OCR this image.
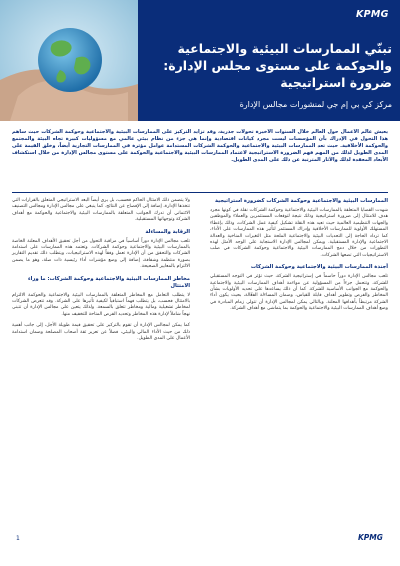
KPMG
تبنّي الممارسات البيئية والاجتماعية
والحوكمة على مستوى مجلس الإدارة:
ضرورة استراتيجية
مركز كي بي إم جي لمنشورات مجالس الإدارة
يعيش عالم الأعمال حول العالم خلال السنوات الأخيرة تحولات جذرية، وقد تزايد التركيز على الممارسات البيئية والاجتماعية وحوكمة الشركات حيث ساهم هذا التحول في الإدراك بأن المؤسسات ليست مجرد كيانات اقتصادية وإنما هي جزء من نظام بيئي عالمي مع مسؤوليات كبيرة تجاه البيئة والمجتمع والحوكمة الأخلاقية. حيث تعد الممارسات البيئية والاجتماعية والحوكمة الشركات المستدامة عوامل مؤثرة في الممارسات التجارية أيضاً، وخلق القيمة على المدى الطويل لذلك من المهم فهم الضرورة الاستراتيجية لاعتماد الممارسات البيئية والاجتماعية والحوكمة على مستوى مجالس الإدارة من خلال استكشاف الأبعاد المعقدة لذلك والآثار المترتبة عن ذلك على المدى الطويل.
الممارسات البيئية والاجتماعية وحوكمة الشركات كضرورة استراتيجية
شهدت القضايا المتعلقة بالممارسات البيئية والاجتماعية وحوكمة الشركات نقلة في كونها مجرد هدف للامتثال إلى ضرورة استراتيجية وذلك نتيجة لتوقعات المستثمرين والعملاء والموظفين والجهات التنظيمية العالمية حيث تعيد هذه النقلة تشكيل كيفية عمل الشركات، وذلك بإعطاء المستهلك الأولوية للممارسات الأخلاقية وإدراك المستثمر لتأثير هذه الممارسات على الأداء، كما تزداد الحاجة إلى التحديات البيئية والاجتماعية الملحة مثل التغيرات المناخية والعدالة الاجتماعية والإدارة المستقبلية. ويمكن لمجالس الإدارة الاستجابة على الوجه الأمثل لهذه التطورات من خلال دمج الممارسات البيئية والاجتماعية وحوكمة الشركات في صلب الاستراتيجيات التي تضعها الشركات.
أجندة الممارسات البيئية والاجتماعية وحوكمة الشركات
تلعب مجالس الإدارة دوراً حاسماً في إستراتيجية الشركة، حيث تؤثر في التوجه المستقبلي للشركة، وتتحمل جزءاً من المسؤولية عن مواءمة أهداف الممارسات البيئية والاجتماعية والحوكمة مع الجوانب الأساسية للشركة. كما أن ذلك يساعدها على تحديد الأولويات بشأن المخاطر والفرص وتطوير أهداف قابلة للقياس، وضمان المساءلة الفعّالة، بحيث يكون أداء الشركة مرتبطاً بأهدافها المعلنة. وبالتالي يمكن لمجالس الإدارة أن تتولى زمام المبادرة في وضع أهداف الممارسات البيئية والاجتماعية والحوكمة بما يتماشى مع أهداف الشركة.
ولا يتضمن ذلك الامتثال الحاكم فحسب، بل يرى أيضاً البعد الاستراتيجي المتعلق بالقرارات التي تتخذها الإدارة، إضافة إلى الإفصاح عن النتائج. كما ينبغي على مجالس الإدارة ومجالس التصنيف الائتماني أن تدرك الجوانب المتعلقة بالممارسات البيئية والاجتماعية والحوكمة مع أهداف الشركة وتوجهاتها المستقبلية.
الرقابة والمساءلة
تلعب مجالس الإدارة دوراً أساسياً في مراقبة التحول من أجل تحقيق الأهداف المعلنة الخاصة بالممارسات البيئية والاجتماعية وحوكمة الشركات. وتعتمد هذه الممارسات على استدامة الشركات والتحقق من أن الإدارة تعمل وفقاً لهذه الاستراتيجيات، ويتطلب ذلك تقديم التقارير بصورة منتظمة وشفافة، إضافة إلى وضع مؤشرات أداء رئيسية ذات صلة، وهو ما يضمن الالتزام بالمعايير الصحيحة.
مخاطر الممارسات البيئية والاجتماعية وحوكمة الشركات: ما وراء الامتثال
لا يتطلب التعامل مع المخاطر المتعلقة بالممارسات البيئية والاجتماعية والحوكمة الالتزام بالامتثال فحسب، بل يتطلب فهماً استباقياً لكيفية تأثيرها على الشركة. وقد تتعرض الشركات لمخاطر تشغيلية ومالية ومخاطر تتعلق بالسمعة. ولذلك يتعين على مجالس الإدارة أن تتبنى نهجاً شاملاً لإدارة هذه المخاطر وتحديد الفرص المتاحة للتخفيف منها.
كما يمكن لمجالس الإدارة أن تقوم بالتركيز على تحقيق قيمة طويلة الأجل، إلى جانب أهمية ذلك من حيث الأداء المالي والبيئي، فضلاً عن تعزيز ثقة أصحاب المصلحة وضمان استدامة الأعمال على المدى الطويل.
1	KPMG
